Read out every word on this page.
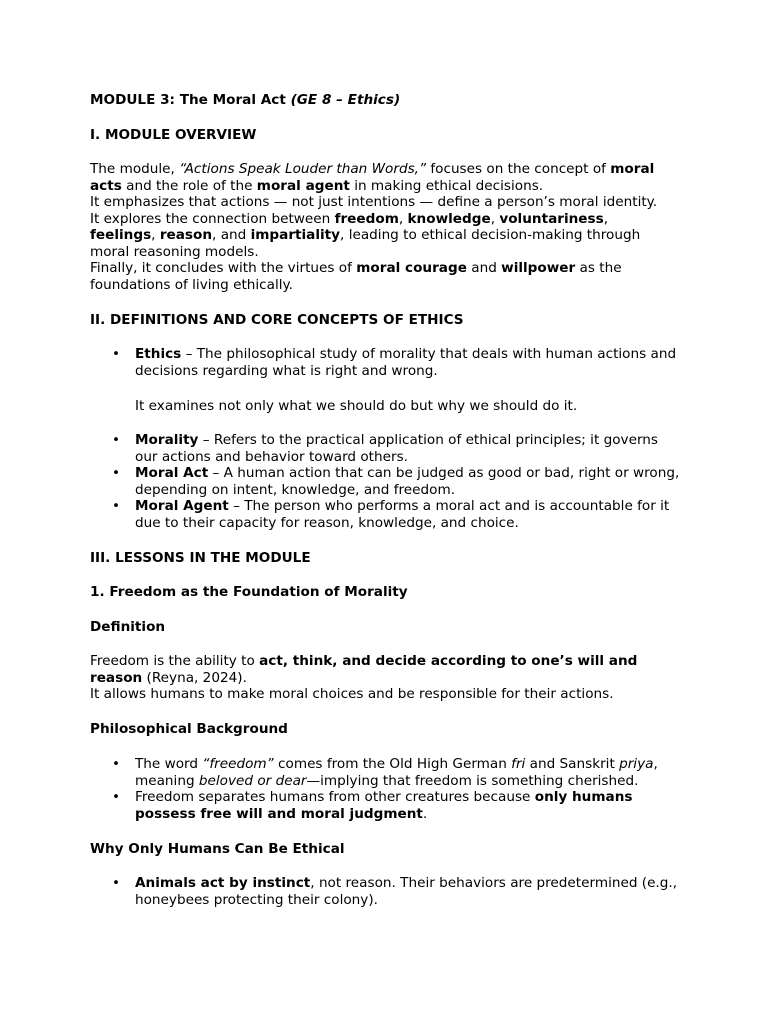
MODULE 3: The Moral Act (GE 8 – Ethics)

I. MODULE OVERVIEW

The module, “Actions Speak Louder than Words,” focuses on the concept of moral acts and the role of the moral agent in making ethical decisions.
It emphasizes that actions — not just intentions — define a person’s moral identity.
It explores the connection between freedom, knowledge, voluntariness,
feelings, reason, and impartiality, leading to ethical decision-making through moral reasoning models.
Finally, it concludes with the virtues of moral courage and willpower as the foundations of living ethically.

II. DEFINITIONS AND CORE CONCEPTS OF ETHICS

• Ethics – The philosophical study of morality that deals with human actions and decisions regarding what is right and wrong.

It examines not only what we should do but why we should do it.

• Morality – Refers to the practical application of ethical principles; it governs our actions and behavior toward others.
• Moral Act – A human action that can be judged as good or bad, right or wrong, depending on intent, knowledge, and freedom.
• Moral Agent – The person who performs a moral act and is accountable for it due to their capacity for reason, knowledge, and choice.

III. LESSONS IN THE MODULE

1. Freedom as the Foundation of Morality

Definition

Freedom is the ability to act, think, and decide according to one’s will and reason (Reyna, 2024).
It allows humans to make moral choices and be responsible for their actions.

Philosophical Background

• The word “freedom” comes from the Old High German fri and Sanskrit priya, meaning beloved or dear—implying that freedom is something cherished.
• Freedom separates humans from other creatures because only humans possess free will and moral judgment.

Why Only Humans Can Be Ethical

• Animals act by instinct, not reason. Their behaviors are predetermined (e.g., honeybees protecting their colony).
